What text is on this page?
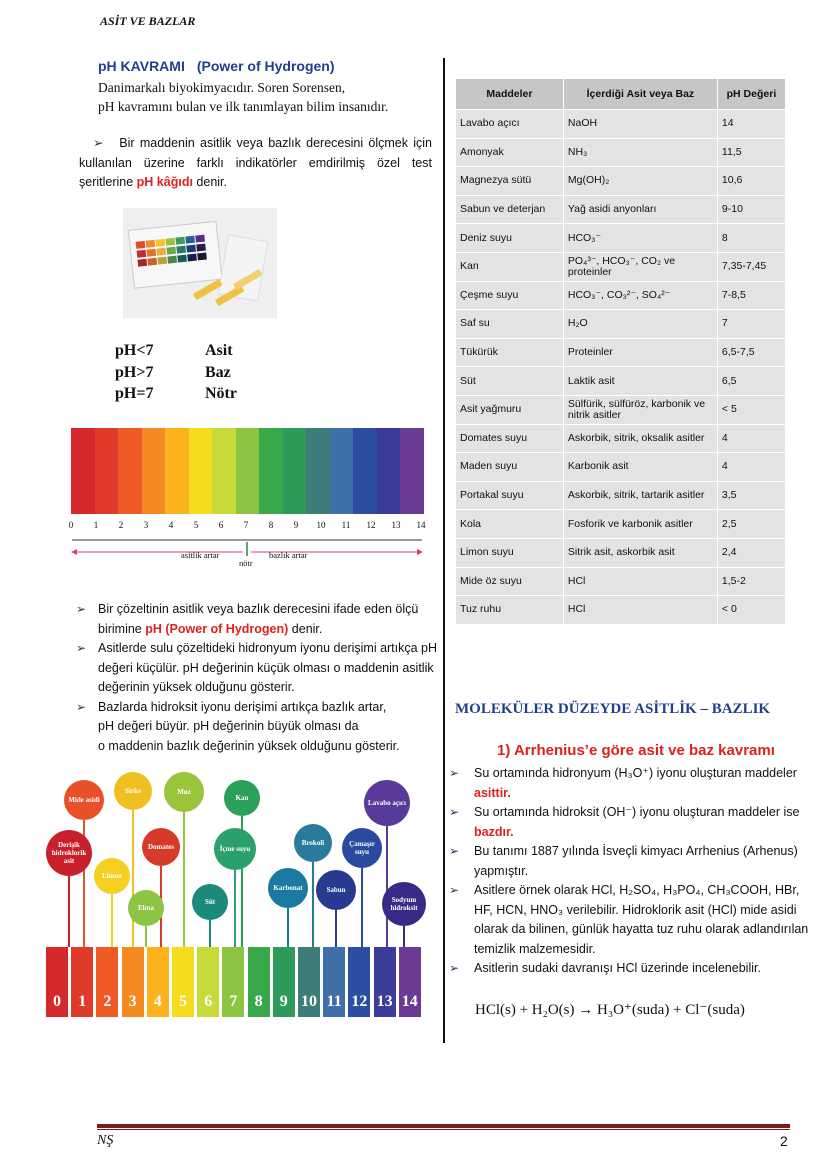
ASİT VE BAZLAR
pH KAVRAMI (Power of Hydrogen)
Danimarkalı biyokimyacıdır. Soren Sorensen,
pH kavramını bulan ve ilk tanımlayan bilim insanıdır.
➢ Bir maddenin asitlik veya bazlık derecesini ölçmek için kullanılan üzerine farklı indikatörler emdirilmiş özel test şeritlerine pH kâğıdı denir.
pH<7	Asit
pH>7	Baz
pH=7	Nötr
asitlik artar
nötr
bazlık artar
0	1	2	3	4	5	6	7	8	9	10 11 12 13 14
➢ Bir çözeltinin asitlik veya bazlık derecesini ifade eden ölçü birimine pH (Power of Hydrogen) denir.
➢ Asitlerde sulu çözeltideki hidronyum iyonu derişimi artıkça pH değeri küçülür. pH değerinin küçük olması o maddenin asitlik değerinin yüksek olduğunu gösterir.
➢ Bazlarda hidroksit iyonu derişimi artıkça bazlık artar,
pH değeri büyür. pH değerinin büyük olması da
o maddenin bazlık değerinin yüksek olduğunu gösterir.
0	1	2	3	4	5	6	7	8	9 10 11 12 13 14
Mide asidi
Derişik hidroklorik asit
Sirke
Limon
Muz
Domates
Elma
Kan
İçme suyu
Süt
Brokoli
Karbonat
Çamaşır suyu
Sabun
Lavabo açıcı
Sodyum hidroksit
Maddeler	İçerdiği Asit veya Baz	pH Değeri
Lavabo açıcı	NaOH	14
Amonyak	NH₃	11,5
Magnezya sütü	Mg(OH)₂	10,6
Sabun ve deterjan	Yağ asidi anyonları	9-10
Deniz suyu	HCO₃⁻	8
Kan	PO₄³⁻, HCO₃⁻, CO₂ ve proteinler	7,35-7,45
Çeşme suyu	HCO₃⁻, CO₃²⁻, SO₄²⁻	7-8,5
Saf su	H₂O	7
Tükürük	Proteinler	6,5-7,5
Süt	Laktik asit	6,5
Asit yağmuru	Sülfürik, sülfüröz, karbonik ve nitrik asitler	< 5
Domates suyu	Askorbik, sitrik, oksalik asitler	4
Maden suyu	Karbonik asit	4
Portakal suyu	Askorbik, sitrik, tartarik asitler	3,5
Kola	Fosforik ve karbonik asitler	2,5
Limon suyu	Sitrik asit, askorbik asit	2,4
Mide öz suyu	HCl	1,5-2
Tuz ruhu	HCl	< 0
MOLEKÜLER DÜZEYDE ASİTLİK – BAZLIK
1) Arrhenius’e göre asit ve baz kavramı
➢ Su ortamında hidronyum (H₃O⁺) iyonu oluşturan maddeler asittir.
➢ Su ortamında hidroksit (OH⁻) iyonu oluşturan maddeler ise bazdır.
➢ Bu tanımı 1887 yılında İsveçli kimyacı Arrhenius (Arhenus) yapmıştır.
➢ Asitlere örnek olarak HCl, H₂SO₄, H₃PO₄, CH₃COOH, HBr, HF, HCN, HNO₃ verilebilir. Hidroklorik asit (HCl) mide asidi olarak da bilinen, günlük hayatta tuz ruhu olarak adlandırılan temizlik malzemesidir.
➢ Asitlerin sudaki davranışı HCl üzerinde incelenebilir.
HCl(s) + H₂O(s) → H₃O⁺(suda) + Cl⁻(suda)
NŞ	2
